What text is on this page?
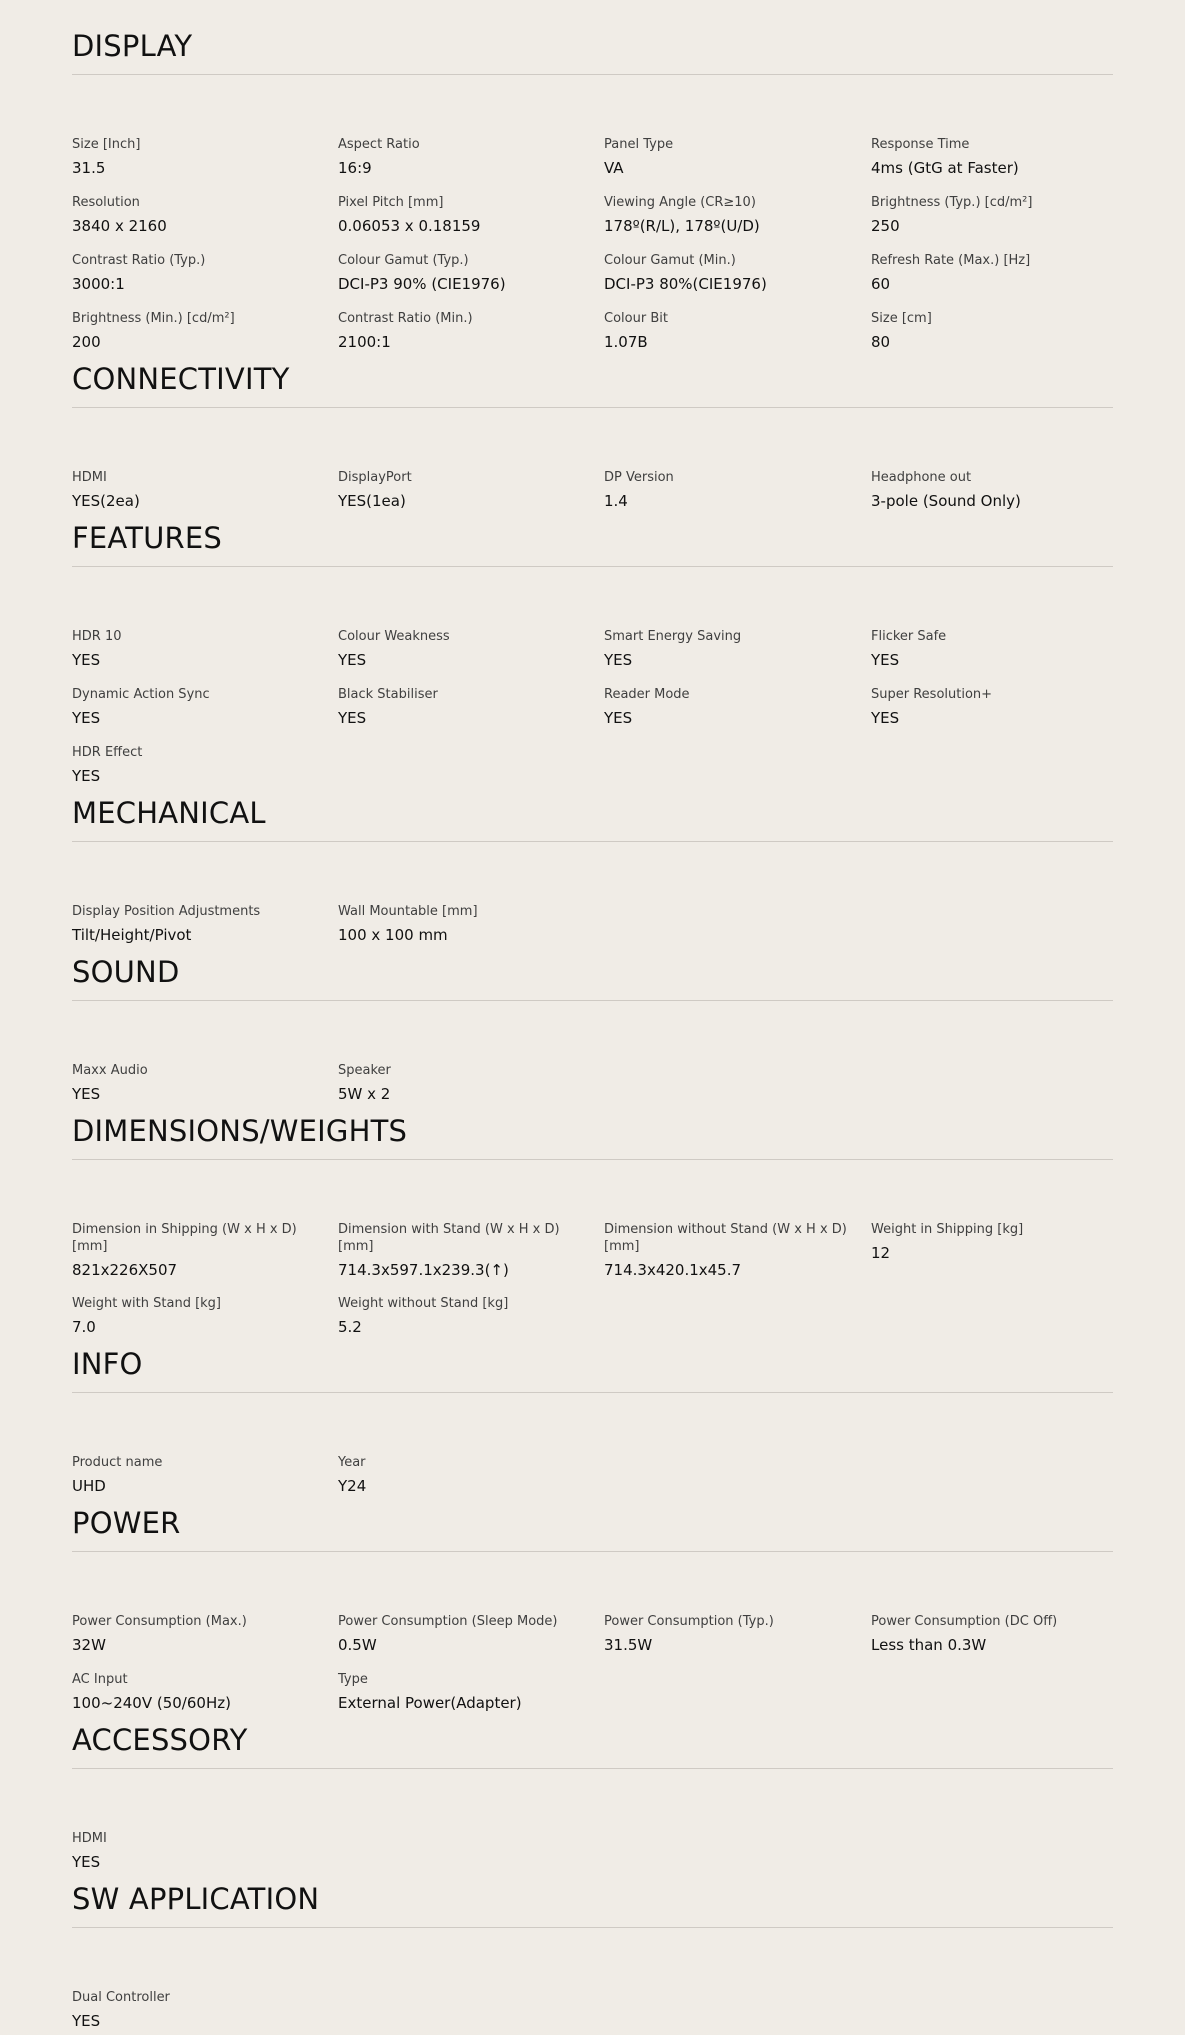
DISPLAY
Size [Inch]
31.5
Aspect Ratio
16:9
Panel Type
VA
Response Time
4ms (GtG at Faster)
Resolution
3840 x 2160
Pixel Pitch [mm]
0.06053 x 0.18159
Viewing Angle (CR≥10)
178º(R/L), 178º(U/D)
Brightness (Typ.) [cd/m²]
250
Contrast Ratio (Typ.)
3000:1
Colour Gamut (Typ.)
DCI-P3 90% (CIE1976)
Colour Gamut (Min.)
DCI-P3 80%(CIE1976)
Refresh Rate (Max.) [Hz]
60
Brightness (Min.) [cd/m²]
200
Contrast Ratio (Min.)
2100:1
Colour Bit
1.07B
Size [cm]
80
CONNECTIVITY
HDMI
YES(2ea)
DisplayPort
YES(1ea)
DP Version
1.4
Headphone out
3-pole (Sound Only)
FEATURES
HDR 10
YES
Colour Weakness
YES
Smart Energy Saving
YES
Flicker Safe
YES
Dynamic Action Sync
YES
Black Stabiliser
YES
Reader Mode
YES
Super Resolution+
YES
HDR Effect
YES
MECHANICAL
Display Position Adjustments
Tilt/Height/Pivot
Wall Mountable [mm]
100 x 100 mm
SOUND
Maxx Audio
YES
Speaker
5W x 2
DIMENSIONS/WEIGHTS
Dimension in Shipping (W x H x D) [mm]
821x226X507
Dimension with Stand (W x H x D) [mm]
714.3x597.1x239.3(↑)
Dimension without Stand (W x H x D) [mm]
714.3x420.1x45.7
Weight in Shipping [kg]
12
Weight with Stand [kg]
7.0
Weight without Stand [kg]
5.2
INFO
Product name
UHD
Year
Y24
POWER
Power Consumption (Max.)
32W
Power Consumption (Sleep Mode)
0.5W
Power Consumption (Typ.)
31.5W
Power Consumption (DC Off)
Less than 0.3W
AC Input
100~240V (50/60Hz)
Type
External Power(Adapter)
ACCESSORY
HDMI
YES
SW APPLICATION
Dual Controller
YES
